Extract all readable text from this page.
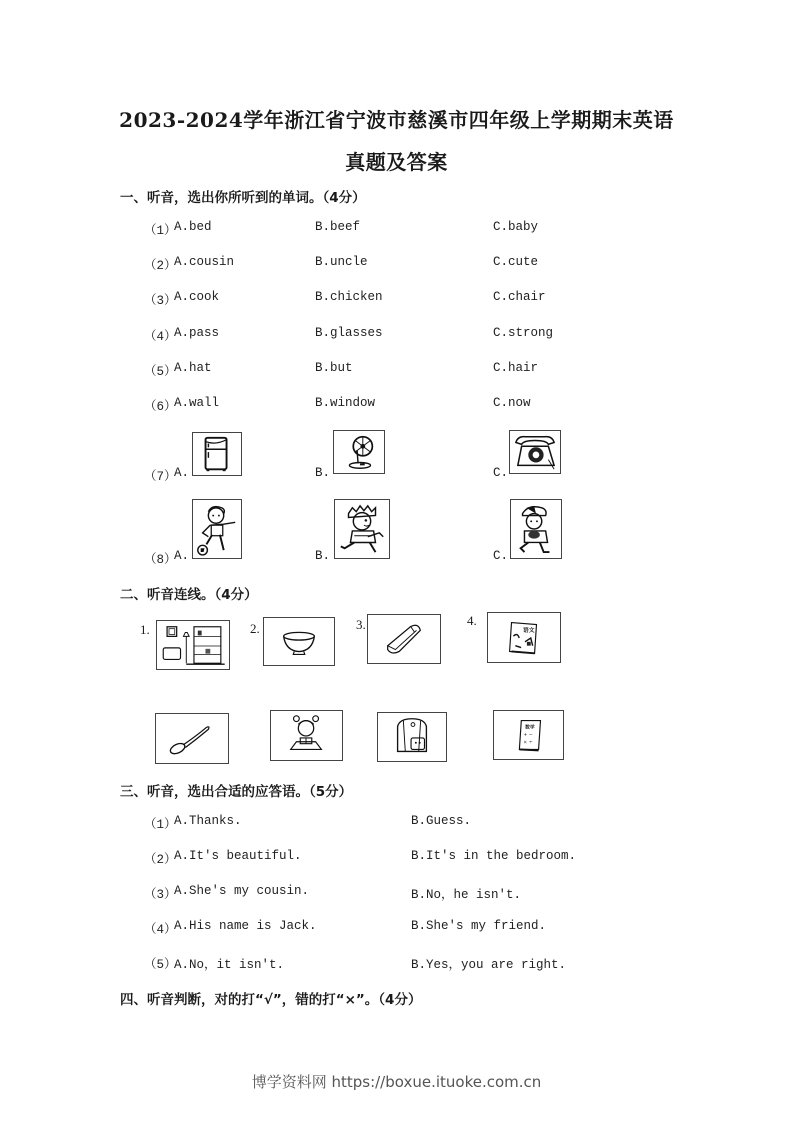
2023-2024学年浙江省宁波市慈溪市四年级上学期期末英语
真题及答案
一、听音，选出你所听到的单词。（4分）
（1）
A.bed	B.beef	C.baby
（2）
A.cousin	B.uncle	C.cute
（3）
A.cook	B.chicken	C.chair
（4）
A.pass	B.glasses	C.strong
（5）
A.hat	B.but	C.hair
（6）
A.wall	B.window	C.now
（7）
A.	B.	C.
（8）
A.	B.	C.
二、听音连线。（4分）
1.	2.	3.	4.
语文
数学
+ −
× ÷
三、听音，选出合适的应答语。（5分）
（1）
A.Thanks.	B.Guess.
（2）
A.It's beautiful.	B.It's in the bedroom.
（3）
A.She's my cousin.	B.No，he isn't.
（4）
A.His name is Jack.	B.She's my friend.
（5）
A.No，it isn't.	B.Yes，you are right.
四、听音判断，对的打“√”，错的打“×”。（4分）
博学资料网 https://boxue.ituoke.com.cn
